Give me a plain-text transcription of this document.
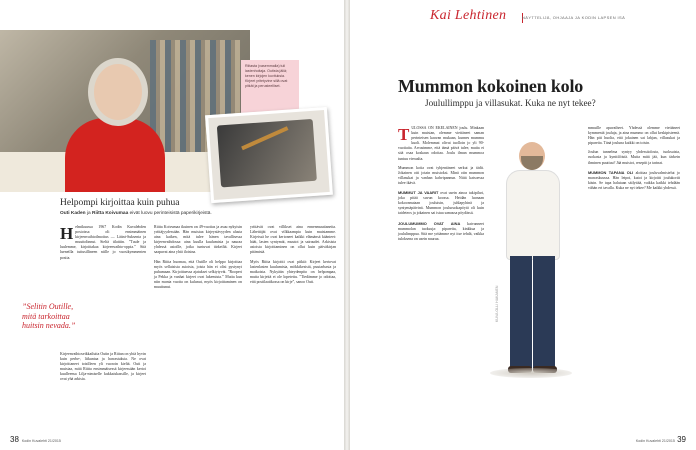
Riitasta (vasemmalla) tuli lastenhoitaja. Outista jäliä; kenen kirjojen kuvituksia. Kirjeet yritetyvine sillä ovat pitkät ja perusteelliset.
Helpompi kirjoittaa kuin puhua
Outi Kaden ja Riitta Koivumaa eivät luovu perinteisistä paperikirjeistä.
H elmikuussa 1967 Kodin Kuvalehden postoissa oli ensimmäinen kirjeenvaihtoilmoitus — Lääni-Suksenta ja muuttolinnut. Sieltä tilattiin. ”Tuule ja luulemme, kirjoittakaa kirjeenvaihto-oppia.” Sitä lueneilla tuttusillineen niille jo vuosikymmenten postia.
”Selitin Outille, mitä tarkoittaa huitsin nevada.”
Kirjeenvaihtoseikkailuita Outin ja Riitan on yhtä hyvin kuin perhe-, liikuntaa ja harrastuksia. Ne ovat kirjoittaneet toisilleen yli vuoroin kieltä. Outi ja muistaa, mitä Riitta ensimmäisessä kirjeessään kertoi kuulleensa Lilja-nimiselle kukkaiskassille, ja kirjeet ovat yhä arkisia.

Riitta Koivumaa ikuinen on 49-vuotias ja asuu nykyisin yrittäjyydessään. Hän muistaa kirjeystävyyden alusta aina kaiken, mitä tulee hänen tavallisessa kirjeenvaihdossa: aina kuulla kuulumisia ja nauraa yhdessä asioille, jotka tuntuvat tärkeiltä. Kirjeet saapuvat aina yhtä iloisina.

Hän Riitta huomaa, että Outille oli helppo kirjoittaa myös sellaisista asioista, joista hän ei olisi pystynyt puhumaan. Kirjoittaessa ajatukset selkiytyvät. ”Rooperi ja Pekka ja vanhat kirjeet ovat lukemista.” Mutta kun niin monta vuotta on kulunut, myös kirjoittaminen on muuttunut.

yrittävät ovat villikset aina ennenmuuttaneita. Lähettäjät ovat vilkkaampia kuin muistamme. Kirjeissä he ovat kertoneet kaikki elämänsä käänteet: häät, lasten syntymät, muutot ja sairaudet. Arkisista asioista kirjoittaminen on ollut kuin päiväkirjan pitämistä.

Myös Riitta kirjoitti ovat pitkiä: Kirjeet kertovat lastenlasten kuulumisia, mökkikesistä, puutarhasta ja matkoista. Nykyään yhteydenpito on helpompaa, mutta kirjeitä ei ole lopetettu. ”Tiedämme jo odottaa, että postilaatikossa on kirje”, sanoo Outi.

38 Kodin Kuvalehti 21/2015
Kai Lehtinen	NÄYTTELIJÄ, OHJAAJA JA KODIN LAPSEN ISÄ
Mummon kokoinen kolo
Joulullimppu ja villasukat. Kuka ne nyt tekee?
T ULOSSA ON EKELAINEN joulu. Minkaan kuin muistan, olemme viettäneet saman perinteisen kaavan mukaan, kunnes mummu kuoli. Molemmat olivat tuolloin jo yli 90-vuotiaita. Arvasimme, että tämä päivä tulee, mutta ei sitä osaa koskaan odottaa. Joulu ilman mummoa tuntuu vieraalta.

Mummon kotia ovat tyhjentäneet serkut ja tädit. Jokainen otti jotain muistoksi. Minä otin mummon villasukat ja vanhan kahvipannun. Niitä katsoessa tulee ikävä.

MUMMUT JA VAARIT ovat usein ainoa tukipilari, joka pitää suvun koossa. Heidän luonaan kokoonnutaan jouluisin, juhlapyhinä ja syntymäpäivinä. Mummon jouluruokapöytä oli kuin taideteos ja jokainen sai istua samassa pöydässä.

JOULUMUMMO OVAT AINA kaivanneet mummolan tuoksuja: pipareita, kinkkua ja joululimppua. Sitä me yritämme nyt itse tehdä, vaikka tuloksena on usein naurua.

KUVA OLLI HAKANEN

mmuille apuvaiheet. Yhdessä olemme viettäneet kymmeniä jouluja, ja aina mummo on ollut keskipisteenä. Hän piti huolta, että jokainen sai lahjan, villasukat ja pipareita. Tänä jouluna kaikki on toisin.

Joulun tunnelma syntyy yhdessäolosta, tuoksuista, ruokasta ja kynttilöistä. Mutta mitä jää, kun tärkein ihminen puuttuu? Jää muistot, reseptit ja tarinat.

MUMMON TAPANA OLI aloittaa jouluvalmistelut jo marraskuussa. Hän leipoi, kutoi ja kirjoitti joulukortit käsin. Se tapa halutaan säilyttää, vaikka kaikki tehdään vähän eri tavalla. Kuka ne nyt tekee? Me kaikki yhdessä.

Kodin Kuvalehti 21/2015 39
